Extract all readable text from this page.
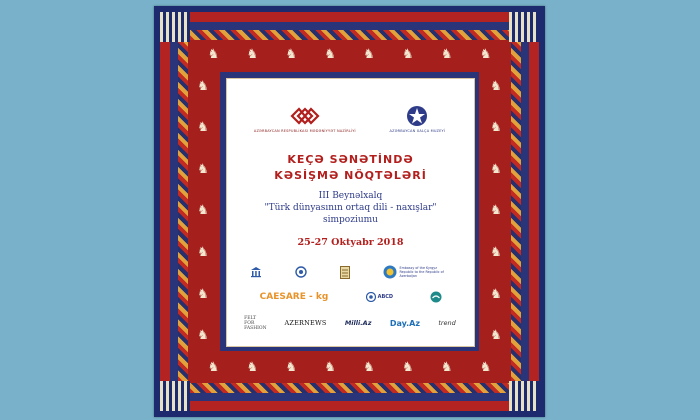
♞ ♞ ♞ ♞ ♞ ♞ ♞ ♞
♞ ♞ ♞ ♞ ♞ ♞ ♞ ♞
♞
♞
♞
♞
♞
♞
♞
♞
♞
♞
♞
♞
♞
♞
AZƏRBAYCAN RESPUBLİKASI MƏDƏNİYYƏT NAZİRLİYİ	AZƏRBAYCAN XALÇA MUZEYİ
KEÇƏ SƏNƏTİNDƏ
KƏSİŞMƏ NÖQTƏLƏRİ
III Beynəlxalq
"Türk dünyasının ortaq dili - naxışlar"
simpoziumu
25-27 Oktyabr 2018
Embassy of the Kyrgyz Republic to the Republic of Azerbaijan
CAESARE - kg	ABCD
FELT FOR FASHION
AZERNEWS	Milli.Az Day.Az	trend
